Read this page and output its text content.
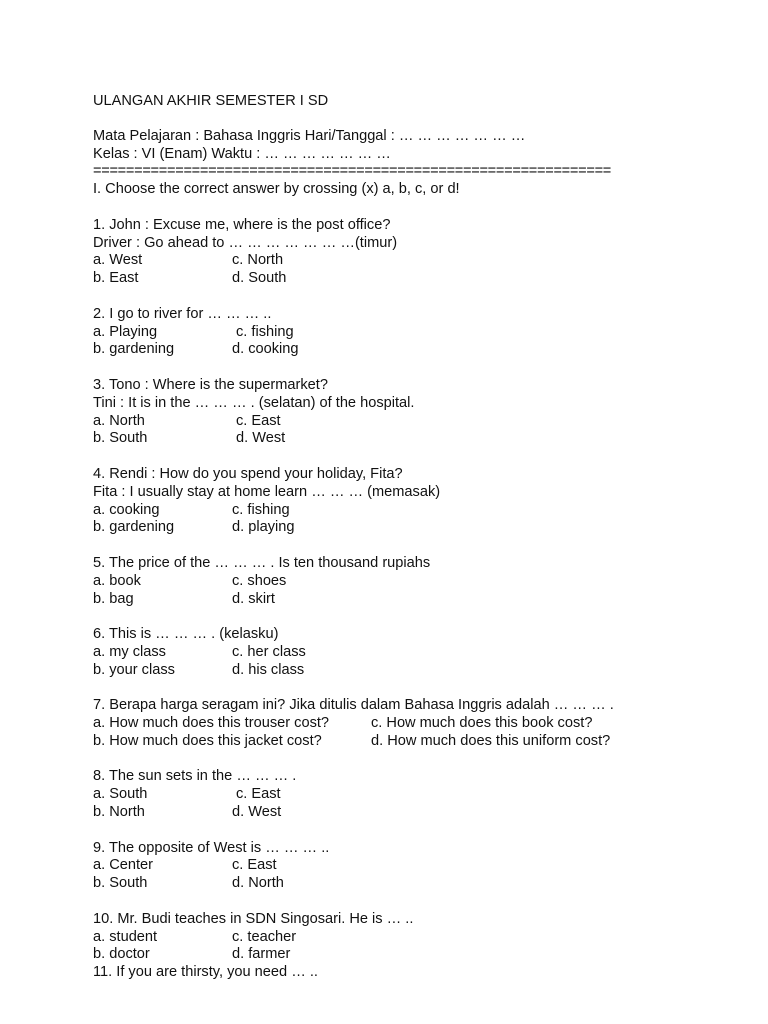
ULANGAN AKHIR SEMESTER I SD
Mata Pelajaran : Bahasa Inggris Hari/Tanggal : … … … … … … …
Kelas : VI (Enam) Waktu : … … … … … … …
===============================================================
I. Choose the correct answer by crossing (x) a, b, c, or d!
1. John : Excuse me, where is the post office?
Driver : Go ahead to … … … … … … …(timur)
a. West	c. North
b. East	d. South
2. I go to river for … … … ..
a. Playing	c. fishing
b. gardening	d. cooking
3. Tono : Where is the supermarket?
Tini : It is in the … … … . (selatan) of the hospital.
a. North	c. East
b. South	d. West
4. Rendi : How do you spend your holiday, Fita?
Fita : I usually stay at home learn … … … (memasak)
a. cooking	c. fishing
b. gardening	d. playing
5. The price of the … … … . Is ten thousand rupiahs
a. book	c. shoes
b. bag	d. skirt
6. This is … … … . (kelasku)
a. my class	c. her class
b. your class	d. his class
7. Berapa harga seragam ini? Jika ditulis dalam Bahasa Inggris adalah … … … .
a. How much does this trouser cost?	c. How much does this book cost?
b. How much does this jacket cost?	d. How much does this uniform cost?
8. The sun sets in the … … … .
a. South	c. East
b. North	d. West
9. The opposite of West is … … … ..
a. Center	c. East
b. South	d. North
10. Mr. Budi teaches in SDN Singosari. He is … ..
a. student	c. teacher
b. doctor	d. farmer
11. If you are thirsty, you need … ..
